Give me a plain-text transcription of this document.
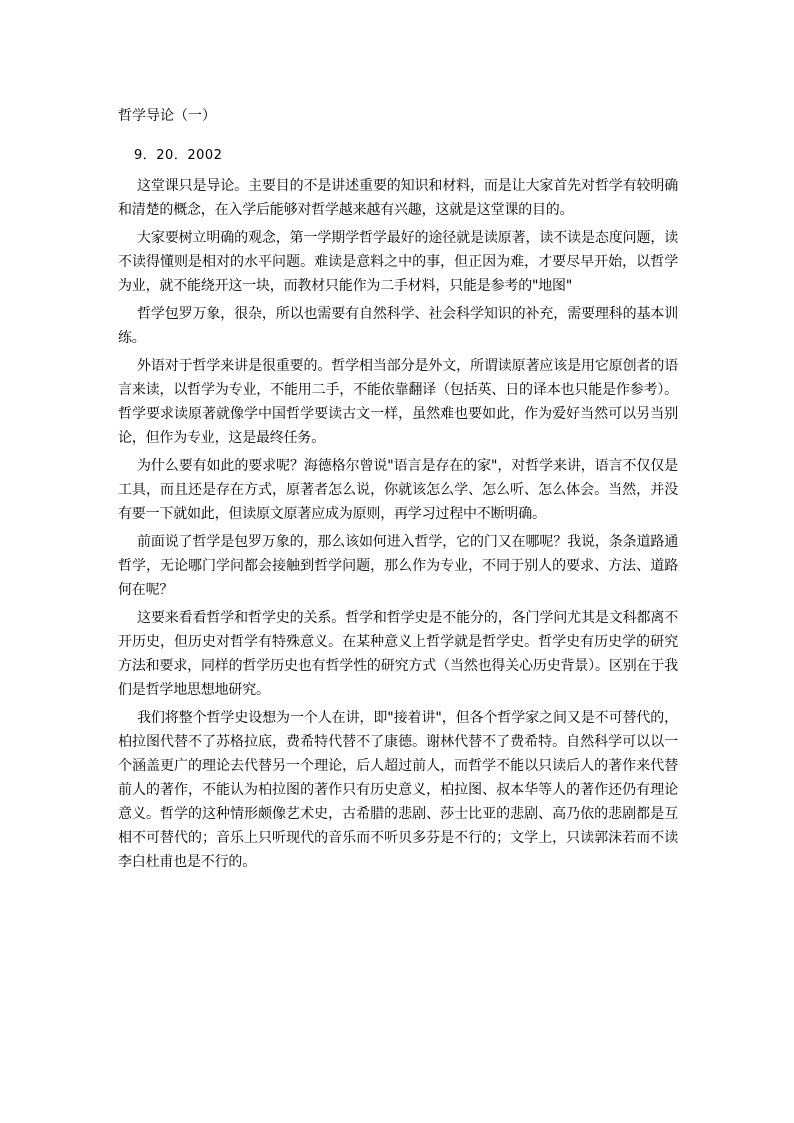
哲学导论（一）
9．20．2002

这堂课只是导论。主要目的不是讲述重要的知识和材料，而是让大家首先对哲学有较明确和清楚的概念，在入学后能够对哲学越来越有兴趣，这就是这堂课的目的。

大家要树立明确的观念，第一学期学哲学最好的途径就是读原著，读不读是态度问题，读不读得懂则是相对的水平问题。难读是意料之中的事，但正因为难，才要尽早开始，以哲学为业，就不能绕开这一块，而教材只能作为二手材料，只能是参考的"地图"

哲学包罗万象，很杂，所以也需要有自然科学、社会科学知识的补充，需要理科的基本训练。

外语对于哲学来讲是很重要的。哲学相当部分是外文，所谓读原著应该是用它原创者的语言来读，以哲学为专业，不能用二手，不能依靠翻译（包括英、日的译本也只能是作参考）。哲学要求读原著就像学中国哲学要读古文一样，虽然难也要如此，作为爱好当然可以另当别论，但作为专业，这是最终任务。

为什么要有如此的要求呢？海德格尔曾说"语言是存在的家"，对哲学来讲，语言不仅仅是工具，而且还是存在方式，原著者怎么说，你就该怎么学、怎么听、怎么体会。当然，并没有要一下就如此，但读原文原著应成为原则，再学习过程中不断明确。

前面说了哲学是包罗万象的，那么该如何进入哲学，它的门又在哪呢？我说，条条道路通哲学，无论哪门学问都会接触到哲学问题，那么作为专业，不同于别人的要求、方法、道路何在呢？

这要来看看哲学和哲学史的关系。哲学和哲学史是不能分的，各门学问尤其是文科都离不开历史，但历史对哲学有特殊意义。在某种意义上哲学就是哲学史。哲学史有历史学的研究方法和要求，同样的哲学历史也有哲学性的研究方式（当然也得关心历史背景）。区别在于我们是哲学地思想地研究。

我们将整个哲学史设想为一个人在讲，即"接着讲"，但各个哲学家之间又是不可替代的，柏拉图代替不了苏格拉底，费希特代替不了康德。谢林代替不了费希特。自然科学可以以一个涵盖更广的理论去代替另一个理论，后人超过前人，而哲学不能以只读后人的著作来代替前人的著作，不能认为柏拉图的著作只有历史意义，柏拉图、叔本华等人的著作还仍有理论意义。哲学的这种情形颇像艺术史，古希腊的悲剧、莎士比亚的悲剧、高乃依的悲剧都是互相不可替代的；音乐上只听现代的音乐而不听贝多芬是不行的；文学上，只读郭沫若而不读李白杜甫也是不行的。
